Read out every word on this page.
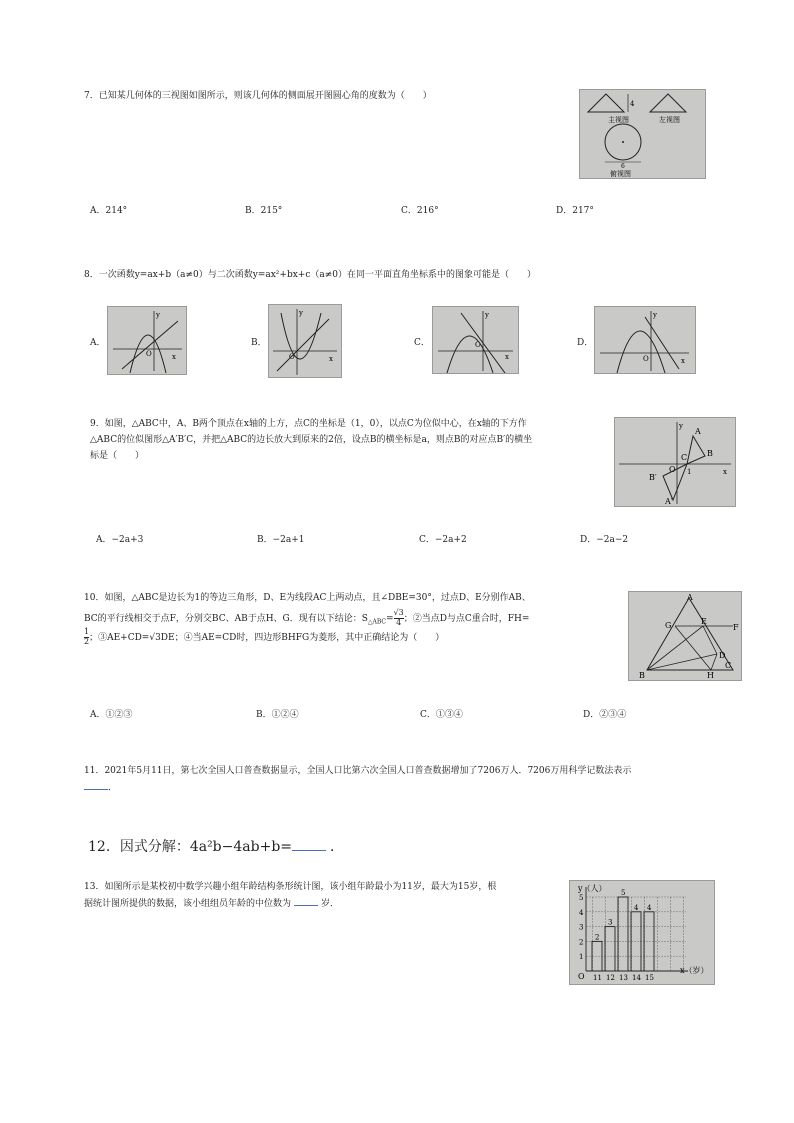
7．已知某几何体的三视图如图所示，则该几何体的侧面展开图圆心角的度数为（　　）
4
主视图	左视图
6
俯视图
A．214°	B．215°	C．216°	D．217°
8．一次函数y=ax+b（a≠0）与二次函数y=ax²+bx+c（a≠0）在同一平面直角坐标系中的图象可能是（　　）
A．
y
x
O
B．
y
x
O
C．
y
x
O	D．
y
x
O
9．如图，△ABC中，A、B两个顶点在x轴的上方，点C的坐标是（1，0），以点C为位似中心，在x轴的下方作
△ABC的位似图形△A′B′C，并把△ABC的边长放大到原来的2倍，设点B的横坐标是a，则点B的对应点B′的横坐
标是（　　）
y
x
O 1
A
B
C
B′
A′
A．−2a+3	B．−2a+1	C．−2a+2	D．−2a−2
10．如图，△ABC是边长为1的等边三角形，D、E为线段AC上两动点，且∠DBE=30°，过点D、E分别作AB、
BC的平行线相交于点F，分别交BC、AB于点H、G．现有以下结论：$S_{\triangle ABC}= \frac{√3}{4}$ ；②当点D与点C重合时，FH=
$\frac{1}{2}$ ；③AE+CD=√3DE；④当AE=CD时，四边形BHFG为菱形，其中正确结论为（　　）
A
G	E
F
D
C
H
B
A．①②③	B．①②④	C．①③④	D．②③④
11．2021年5月11日，第七次全国人口普查数据显示，全国人口比第六次全国人口普查数据增加了7206万人．7206万用科学记数法表示
．
12．因式分解：4a²b−4ab+b=	．
13．如图所示是某校初中数学兴趣小组年龄结构条形统计图，该小组年龄最小为11岁，最大为15岁，根
据统计图所提供的数据，该小组组员年龄的中位数为	岁．
1
2
3
4
5
2
11
3
12
5
13
4
14
4
15
y（人）
x（岁）
O
